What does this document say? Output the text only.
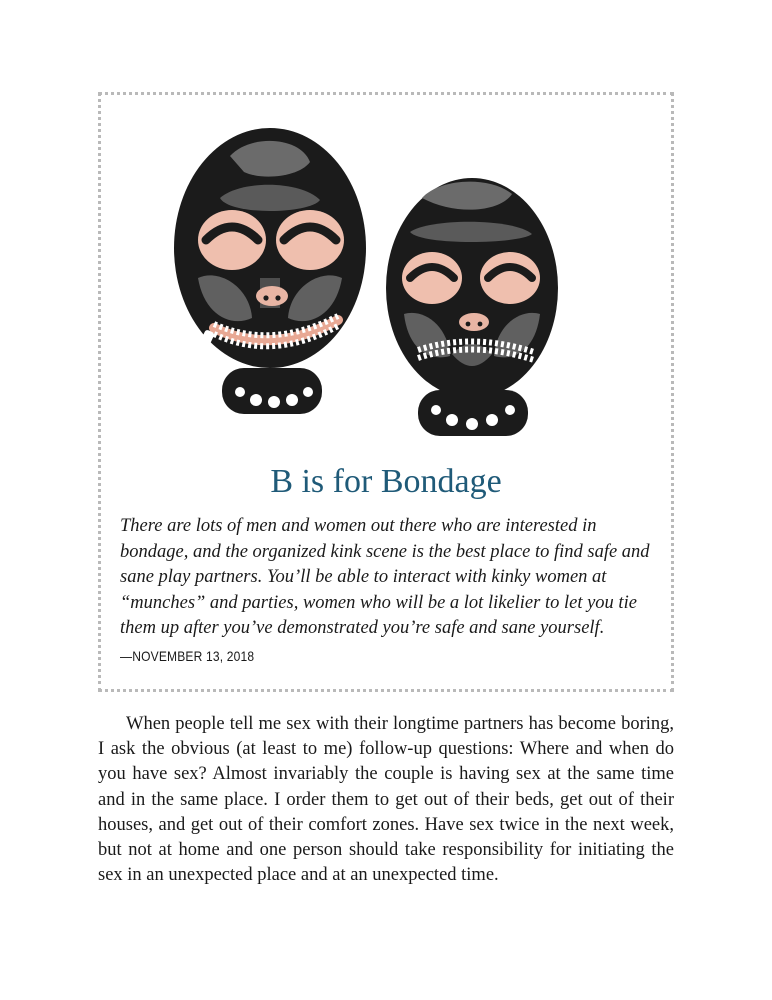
B is for Bondage

There are lots of men and women out there who are interested in bondage, and the organized kink scene is the best place to find safe and sane play partners. You’ll be able to interact with kinky women at “munches” and parties, women who will be a lot likelier to let you tie them up after you’ve demonstrated you’re safe and sane yourself.

—NOVEMBER 13, 2018

When people tell me sex with their longtime partners has become boring, I ask the obvious (at least to me) follow-up questions: Where and when do you have sex? Almost invariably the couple is having sex at the same time and in the same place. I order them to get out of their beds, get out of their houses, and get out of their comfort zones. Have sex twice in the next week, but not at home and one person should take responsibility for initiating the sex in an unexpected place and at an unexpected time.
